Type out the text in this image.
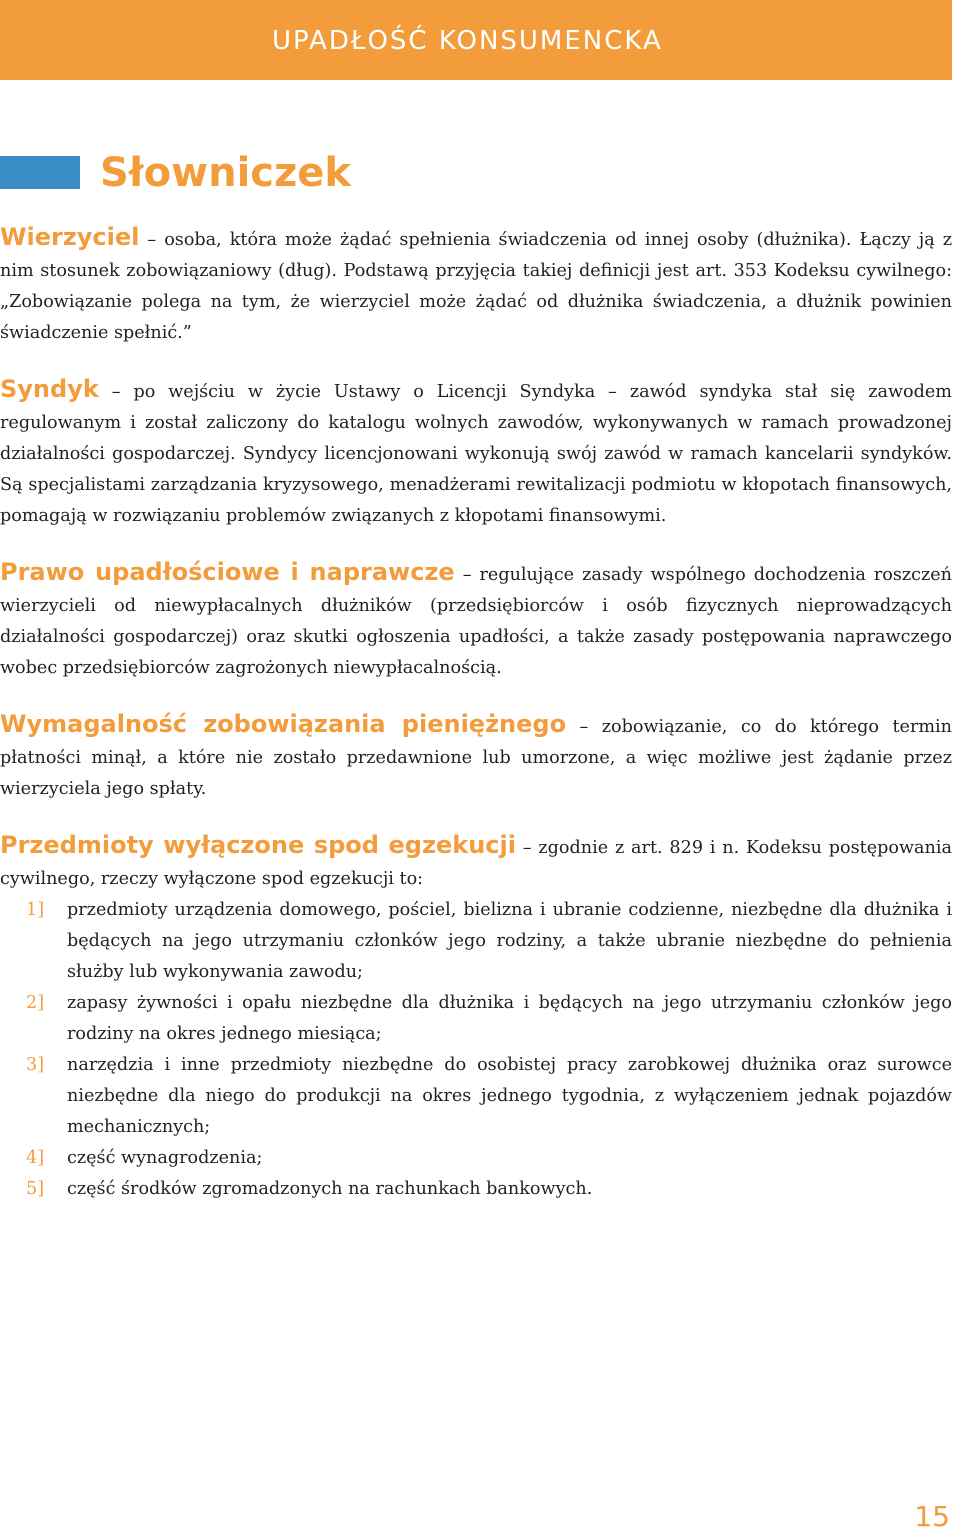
UPADŁOŚĆ KONSUMENCKA
Słowniczek

Wierzyciel – osoba, która może żądać spełnienia świadczenia od innej osoby (dłużnika). Łączy ją z nim stosunek zobowiązaniowy (dług). Podstawą przyjęcia takiej definicji jest art. 353 Kodeksu cywilnego: „Zobowiązanie polega na tym, że wierzyciel może żądać od dłużnika świadczenia, a dłużnik powinien świadczenie spełnić.”

Syndyk – po wejściu w życie Ustawy o Licencji Syndyka – zawód syndyka stał się zawodem regulowanym i został zaliczony do katalogu wolnych zawodów, wykonywanych w ramach prowadzonej działalności gospodarczej. Syndycy licencjonowani wykonują swój zawód w ramach kancelarii syndyków. Są specjalistami zarządzania kryzysowego, menadżerami rewitalizacji podmiotu w kłopotach finansowych, pomagają w rozwiązaniu problemów związanych z kłopotami finansowymi.

Prawo upadłościowe i naprawcze – regulujące zasady wspólnego dochodzenia roszczeń wierzycieli od niewypłacalnych dłużników (przedsiębiorców i osób fizycznych nieprowadzących działalności gospodarczej) oraz skutki ogłoszenia upadłości, a także zasady postępowania naprawczego wobec przedsiębiorców zagrożonych niewypłacalnością.

Wymagalność zobowiązania pieniężnego – zobowiązanie, co do którego termin płatności minął, a które nie zostało przedawnione lub umorzone, a więc możliwe jest żądanie przez wierzyciela jego spłaty.

Przedmioty wyłączone spod egzekucji – zgodnie z art. 829 i n. Kodeksu postępowania cywilnego, rzeczy wyłączone spod egzekucji to:

1] przedmioty urządzenia domowego, pościel, bielizna i ubranie codzienne, niezbędne dla dłużnika i będących na jego utrzymaniu członków jego rodziny, a także ubranie niezbędne do pełnienia służby lub wykonywania zawodu;
2] zapasy żywności i opału niezbędne dla dłużnika i będących na jego utrzymaniu członków jego rodziny na okres jednego miesiąca;
3] narzędzia i inne przedmioty niezbędne do osobistej pracy zarobkowej dłużnika oraz surowce niezbędne dla niego do produkcji na okres jednego tygodnia, z wyłączeniem jednak pojazdów mechanicznych;
4] część wynagrodzenia;
5] część środków zgromadzonych na rachunkach bankowych.
15
